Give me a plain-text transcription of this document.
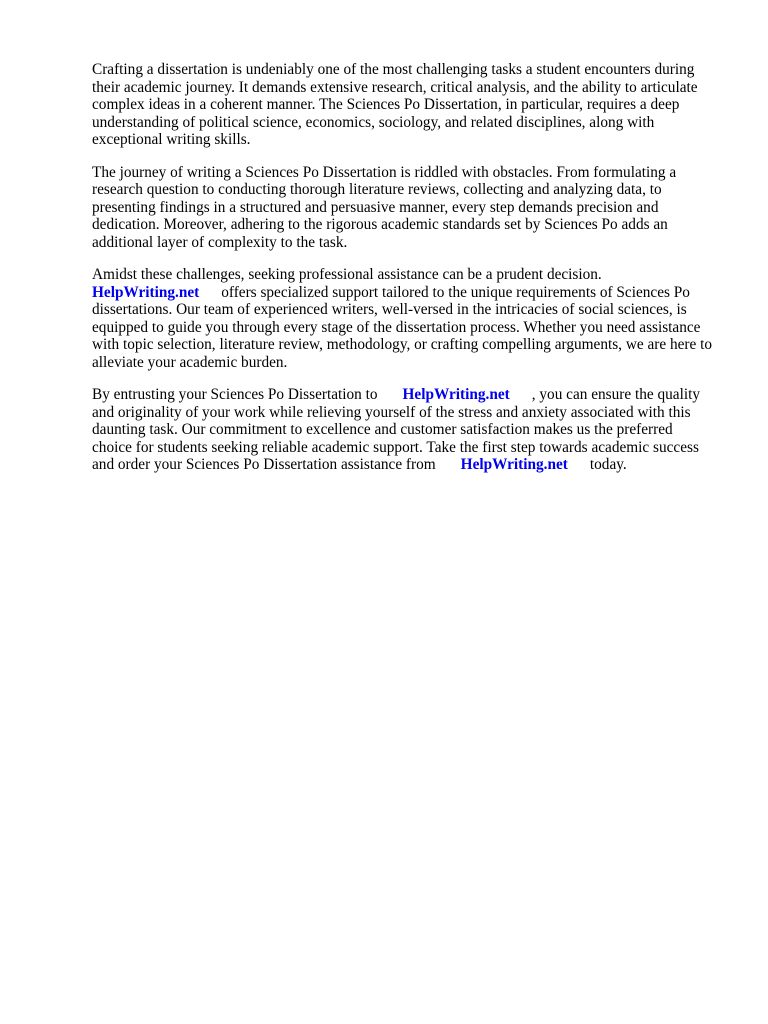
Crafting a dissertation is undeniably one of the most challenging tasks a student encounters during
their academic journey. It demands extensive research, critical analysis, and the ability to articulate
complex ideas in a coherent manner. The Sciences Po Dissertation, in particular, requires a deep
understanding of political science, economics, sociology, and related disciplines, along with
exceptional writing skills.
The journey of writing a Sciences Po Dissertation is riddled with obstacles. From formulating a
research question to conducting thorough literature reviews, collecting and analyzing data, to
presenting findings in a structured and persuasive manner, every step demands precision and
dedication. Moreover, adhering to the rigorous academic standards set by Sciences Po adds an
additional layer of complexity to the task.
Amidst these challenges, seeking professional assistance can be a prudent decision.
HelpWriting.net offers specialized support tailored to the unique requirements of Sciences Po
dissertations. Our team of experienced writers, well-versed in the intricacies of social sciences, is
equipped to guide you through every stage of the dissertation process. Whether you need assistance
with topic selection, literature review, methodology, or crafting compelling arguments, we are here to
alleviate your academic burden.
By entrusting your Sciences Po Dissertation to HelpWriting.net , you can ensure the quality
and originality of your work while relieving yourself of the stress and anxiety associated with this
daunting task. Our commitment to excellence and customer satisfaction makes us the preferred
choice for students seeking reliable academic support. Take the first step towards academic success
and order your Sciences Po Dissertation assistance from HelpWriting.net today.
